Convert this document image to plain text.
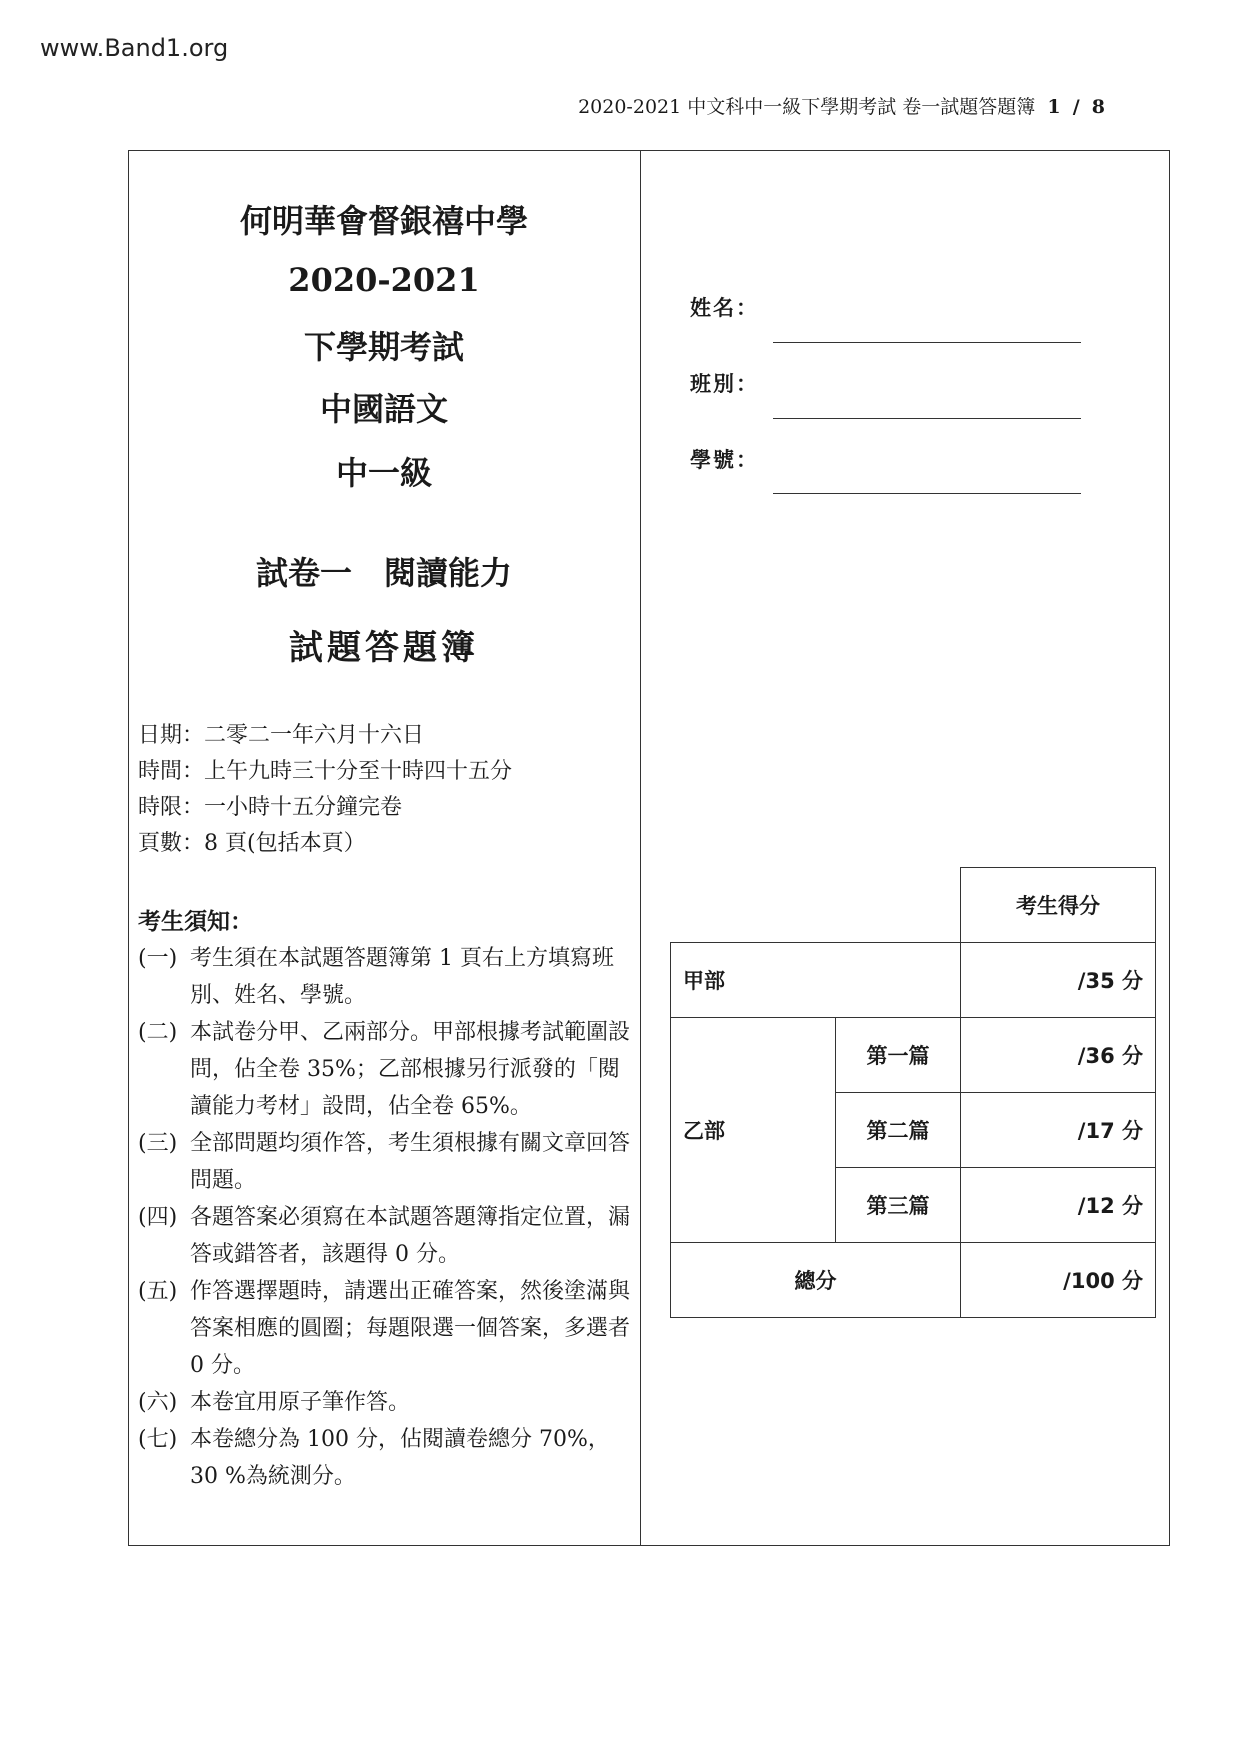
www.Band1.org
2020-2021 中文科中一級下學期考試 卷一試題答題簿 1 / 8
何明華會督銀禧中學
2020-2021
下學期考試
中國語文
中一級
試卷一　閱讀能力
試題答題簿
日期：二零二一年六月十六日
時間：上午九時三十分至十時四十五分
時限：一小時十五分鐘完卷
頁數：8 頁(包括本頁）
考生須知：
(一) 考生須在本試題答題簿第 1 頁右上方填寫班別、姓名、學號。
(二) 本試卷分甲、乙兩部分。甲部根據考試範圍設問，佔全卷 35%；乙部根據另行派發的「閱讀能力考材」設問，佔全卷 65%。
(三) 全部問題均須作答，考生須根據有關文章回答問題。
(四) 各題答案必須寫在本試題答題簿指定位置，漏答或錯答者，該題得 0 分。
(五) 作答選擇題時，請選出正確答案，然後塗滿與答案相應的圓圈；每題限選一個答案，多選者 0 分。
(六) 本卷宜用原子筆作答。
(七) 本卷總分為 100 分，佔閱讀卷總分 70%，30 %為統測分。
姓名：
班別：
學號：
		考生得分
甲部		/35 分
乙部	第一篇	/36 分
	第二篇	/17 分
	第三篇	/12 分
總分		/100 分
